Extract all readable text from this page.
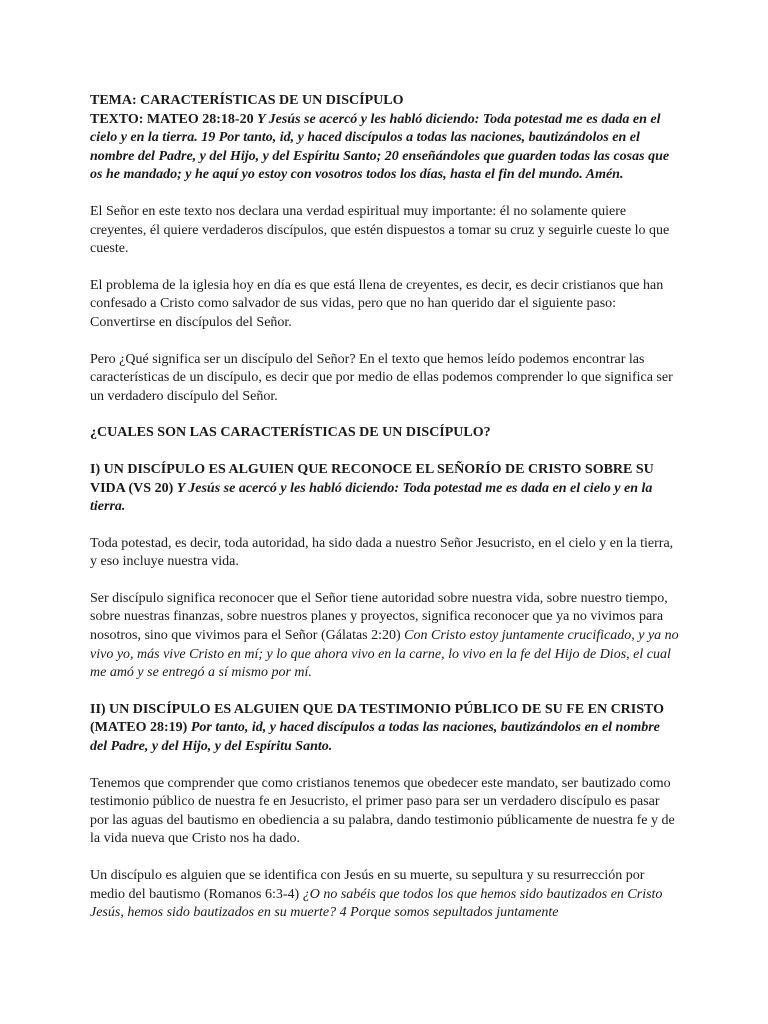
TEMA: CARACTERÍSTICAS DE UN DISCÍPULO
TEXTO: MATEO 28:18-20 Y Jesús se acercó y les habló diciendo: Toda potestad me es dada en el cielo y en la tierra. 19 Por tanto, id, y haced discípulos a todas las naciones, bautizándolos en el nombre del Padre, y del Hijo, y del Espíritu Santo; 20 enseñándoles que guarden todas las cosas que os he mandado; y he aquí yo estoy con vosotros todos los días, hasta el fin del mundo. Amén.

El Señor en este texto nos declara una verdad espiritual muy importante: él no solamente quiere creyentes, él quiere verdaderos discípulos, que estén dispuestos a tomar su cruz y seguirle cueste lo que cueste.

El problema de la iglesia hoy en día es que está llena de creyentes, es decir, es decir cristianos que han confesado a Cristo como salvador de sus vidas, pero que no han querido dar el siguiente paso: Convertirse en discípulos del Señor.

Pero ¿Qué significa ser un discípulo del Señor? En el texto que hemos leído podemos encontrar las características de un discípulo, es decir que por medio de ellas podemos comprender lo que significa ser un verdadero discípulo del Señor.

¿CUALES SON LAS CARACTERÍSTICAS DE UN DISCÍPULO?

I) UN DISCÍPULO ES ALGUIEN QUE RECONOCE EL SEÑORÍO DE CRISTO SOBRE SU VIDA (VS 20) Y Jesús se acercó y les habló diciendo: Toda potestad me es dada en el cielo y en la tierra.

Toda potestad, es decir, toda autoridad, ha sido dada a nuestro Señor Jesucristo, en el cielo y en la tierra, y eso incluye nuestra vida.

Ser discípulo significa reconocer que el Señor tiene autoridad sobre nuestra vida, sobre nuestro tiempo, sobre nuestras finanzas, sobre nuestros planes y proyectos, significa reconocer que ya no vivimos para nosotros, sino que vivimos para el Señor (Gálatas 2:20) Con Cristo estoy juntamente crucificado, y ya no vivo yo, más vive Cristo en mí; y lo que ahora vivo en la carne, lo vivo en la fe del Hijo de Dios, el cual me amó y se entregó a sí mismo por mí.

II) UN DISCÍPULO ES ALGUIEN QUE DA TESTIMONIO PÚBLICO DE SU FE EN CRISTO (MATEO 28:19) Por tanto, id, y haced discípulos a todas las naciones, bautizándolos en el nombre del Padre, y del Hijo, y del Espíritu Santo.

Tenemos que comprender que como cristianos tenemos que obedecer este mandato, ser bautizado como testimonio público de nuestra fe en Jesucristo, el primer paso para ser un verdadero discípulo es pasar por las aguas del bautismo en obediencia a su palabra, dando testimonio públicamente de nuestra fe y de la vida nueva que Cristo nos ha dado.

Un discípulo es alguien que se identifica con Jesús en su muerte, su sepultura y su resurrección por medio del bautismo (Romanos 6:3-4) ¿O no sabéis que todos los que hemos sido bautizados en Cristo Jesús, hemos sido bautizados en su muerte? 4 Porque somos sepultados juntamente
